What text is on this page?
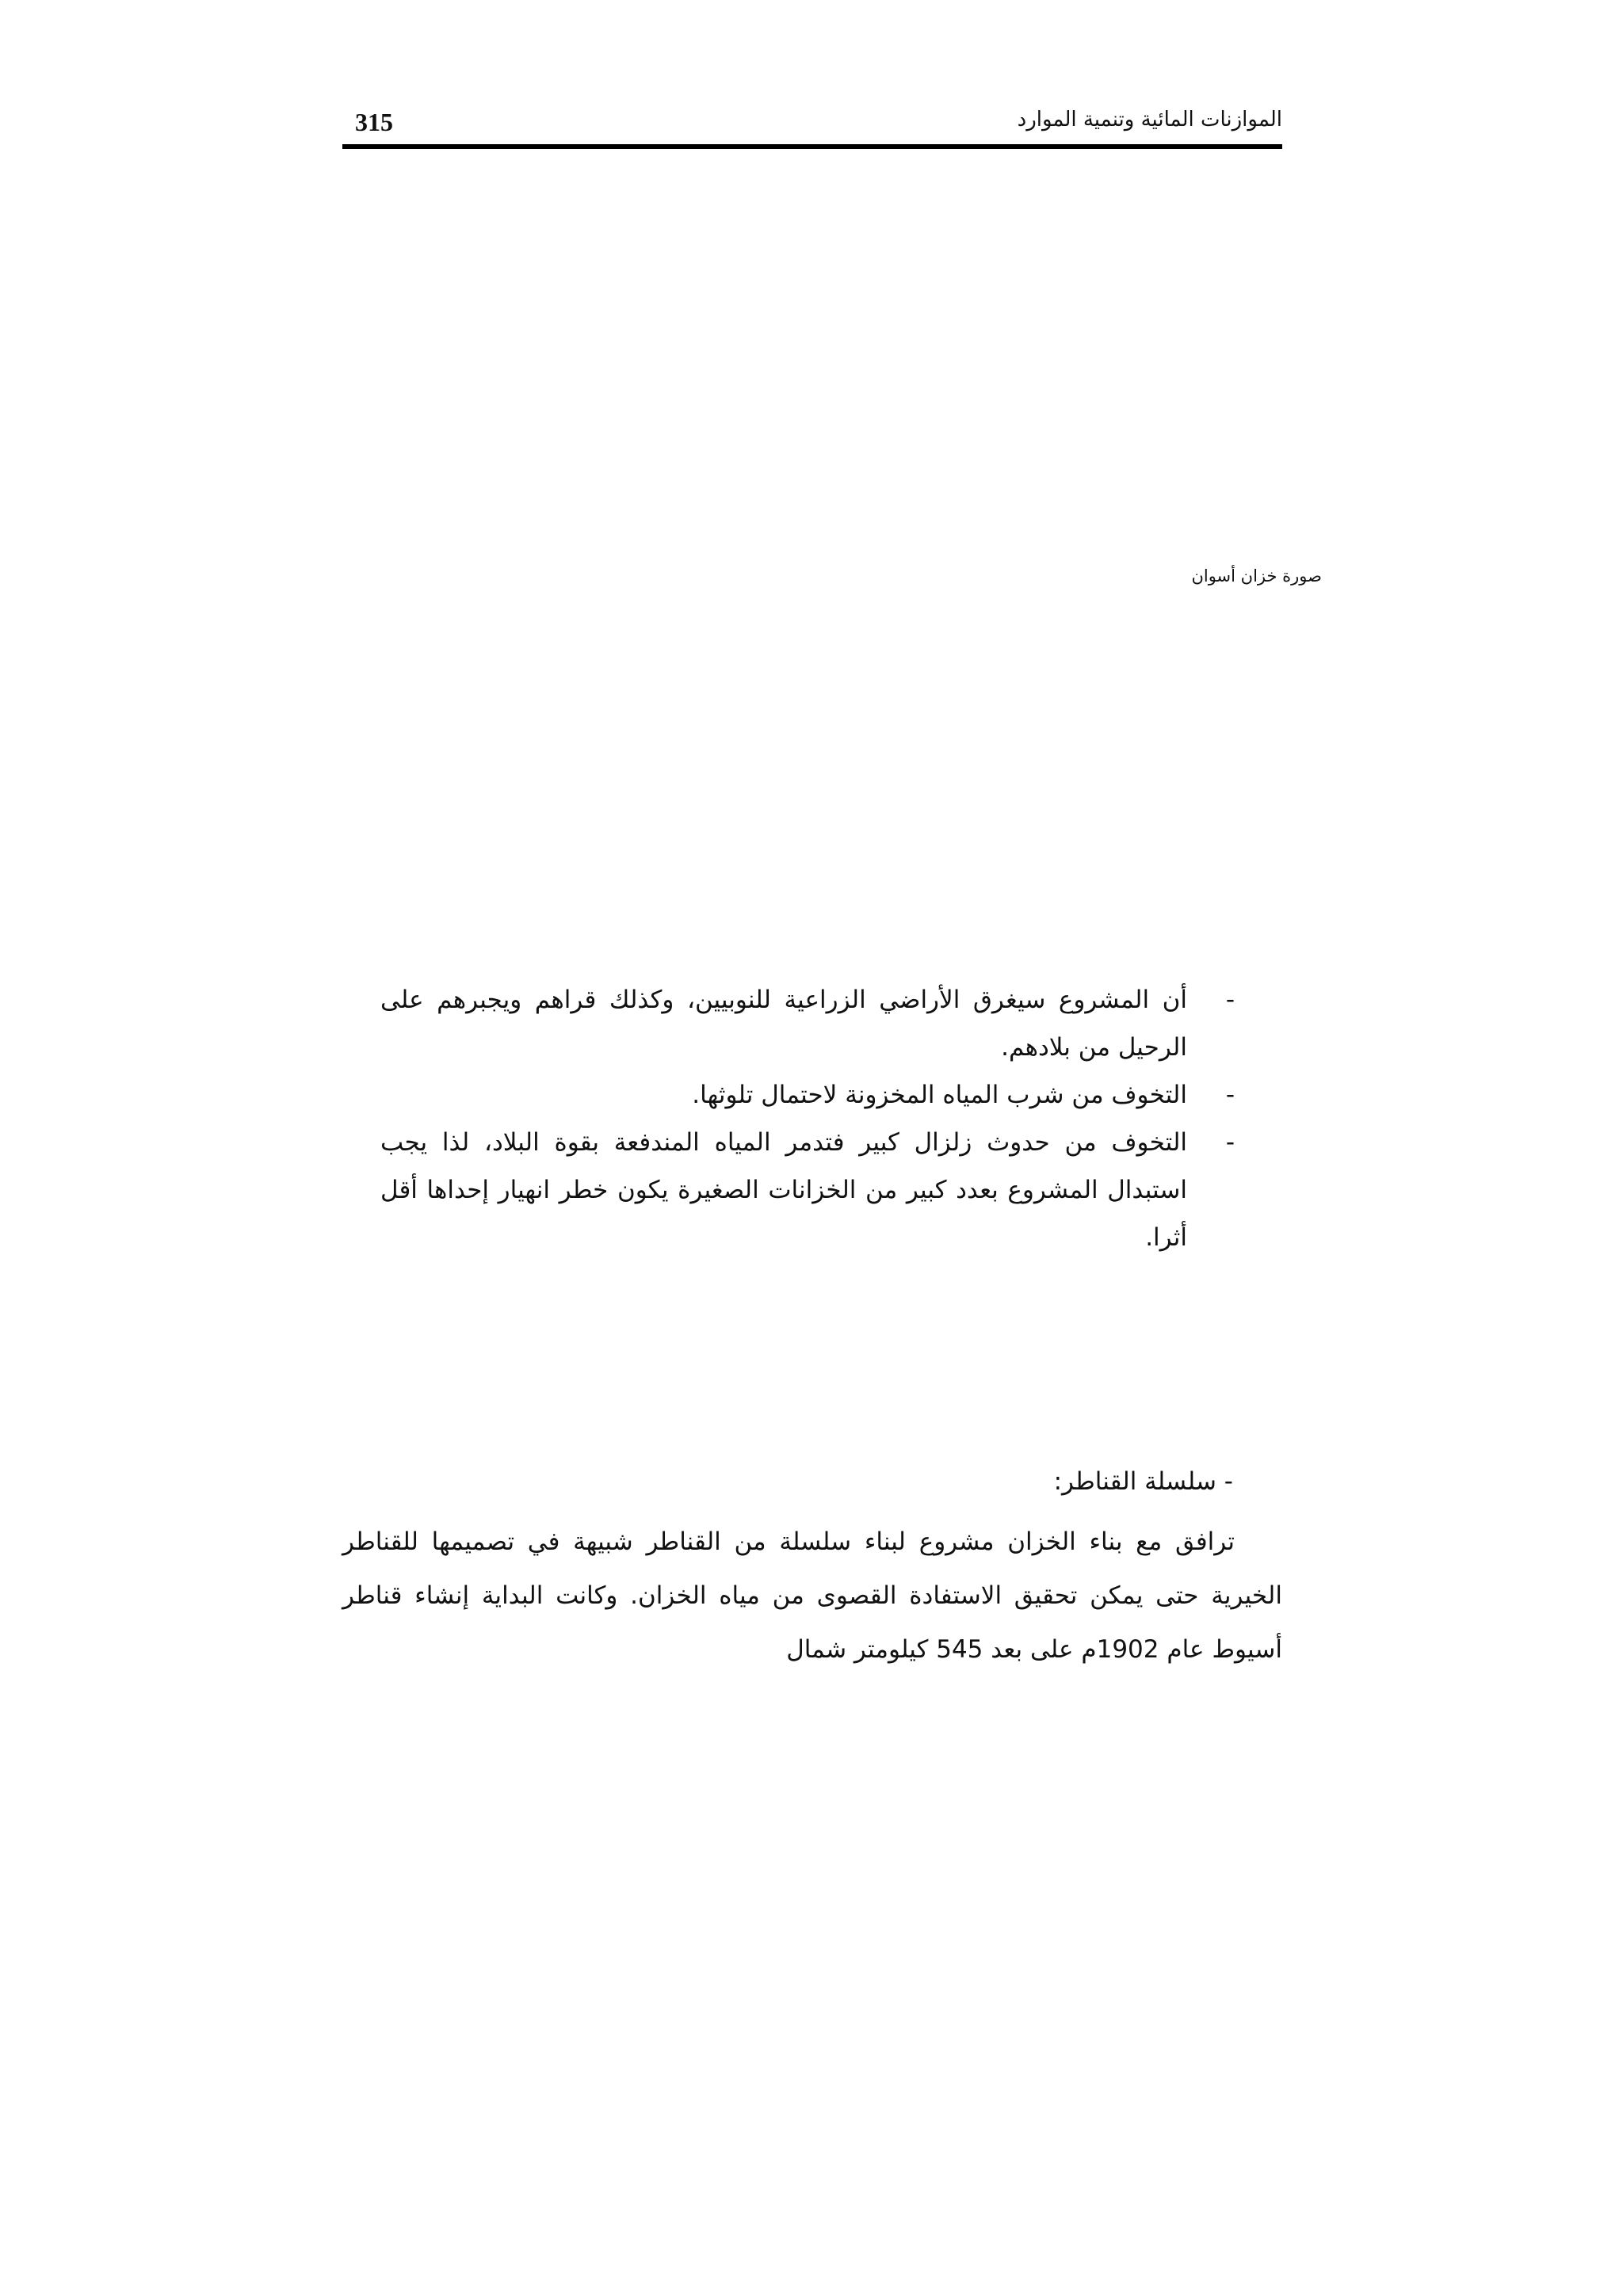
315	الموازنات المائية وتنمية الموارد
صورة خزان أسوان
-
أن المشروع سيغرق الأراضي الزراعية للنوبيين، وكذلك قراهم ويجبرهم على الرحيل من بلادهم.
-
التخوف من شرب المياه المخزونة لاحتمال تلوثها.
-
التخوف من حدوث زلزال كبير فتدمر المياه المندفعة بقوة البلاد، لذا يجب استبدال المشروع بعدد كبير من الخزانات الصغيرة يكون خطر انهيار إحداها أقل أثرا.
- سلسلة القناطر:

ترافق مع بناء الخزان مشروع لبناء سلسلة من القناطر شبيهة في تصميمها للقناطر الخيرية حتى يمكن تحقيق الاستفادة القصوى من مياه الخزان. وكانت البداية إنشاء قناطر أسيوط عام 1902م على بعد 545 كيلومتر شمال
